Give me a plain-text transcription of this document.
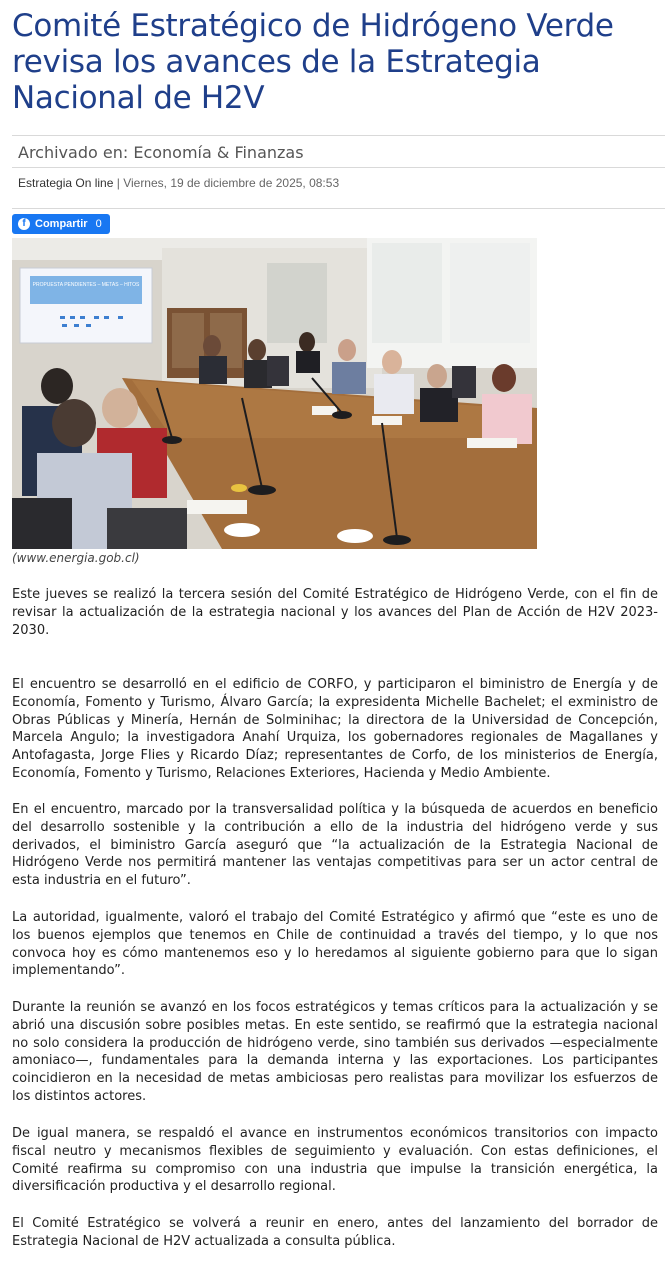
Comité Estratégico de Hidrógeno Verde revisa los avances de la Estrategia Nacional de H2V
Archivado en: Economía & Finanzas
Estrategia On line | Viernes, 19 de diciembre de 2025, 08:53
f Compartir 0
PROPUESTA PENDIENTES – METAS – HITOS
(www.energia.gob.cl)

Este jueves se realizó la tercera sesión del Comité Estratégico de Hidrógeno Verde, con el fin de revisar la actualización de la estrategia nacional y los avances del Plan de Acción de H2V 2023-2030.

El encuentro se desarrolló en el edificio de CORFO, y participaron el biministro de Energía y de Economía, Fomento y Turismo, Álvaro García; la expresidenta Michelle Bachelet; el exministro de Obras Públicas y Minería, Hernán de Solminihac; la directora de la Universidad de Concepción, Marcela Angulo; la investigadora Anahí Urquiza, los gobernadores regionales de Magallanes y Antofagasta, Jorge Flies y Ricardo Díaz; representantes de Corfo, de los ministerios de Energía, Economía, Fomento y Turismo, Relaciones Exteriores, Hacienda y Medio Ambiente.

En el encuentro, marcado por la transversalidad política y la búsqueda de acuerdos en beneficio del desarrollo sostenible y la contribución a ello de la industria del hidrógeno verde y sus derivados, el biministro García aseguró que “la actualización de la Estrategia Nacional de Hidrógeno Verde nos permitirá mantener las ventajas competitivas para ser un actor central de esta industria en el futuro”.

La autoridad, igualmente, valoró el trabajo del Comité Estratégico y afirmó que “este es uno de los buenos ejemplos que tenemos en Chile de continuidad a través del tiempo, y lo que nos convoca hoy es cómo mantenemos eso y lo heredamos al siguiente gobierno para que lo sigan implementando”.

Durante la reunión se avanzó en los focos estratégicos y temas críticos para la actualización y se abrió una discusión sobre posibles metas. En este sentido, se reafirmó que la estrategia nacional no solo considera la producción de hidrógeno verde, sino también sus derivados —especialmente amoniaco—, fundamentales para la demanda interna y las exportaciones. Los participantes coincidieron en la necesidad de metas ambiciosas pero realistas para movilizar los esfuerzos de los distintos actores.

De igual manera, se respaldó el avance en instrumentos económicos transitorios con impacto fiscal neutro y mecanismos flexibles de seguimiento y evaluación. Con estas definiciones, el Comité reafirma su compromiso con una industria que impulse la transición energética, la diversificación productiva y el desarrollo regional.

El Comité Estratégico se volverá a reunir en enero, antes del lanzamiento del borrador de Estrategia Nacional de H2V actualizada a consulta pública.
